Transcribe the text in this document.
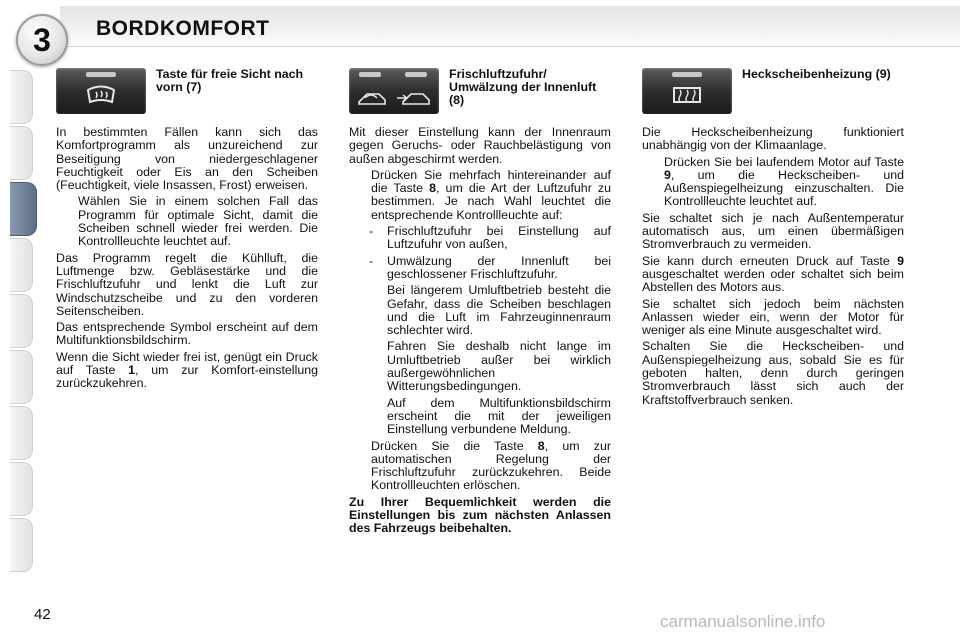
3	BORDKOMFORT
Taste für freie Sicht nach vorn (7)

In bestimmten Fällen kann sich das Komfortprogramm als unzureichend zur Beseitigung von niedergeschlagener Feuchtigkeit oder Eis an den Scheiben (Feuchtigkeit, viele Insassen, Frost) erweisen.

Wählen Sie in einem solchen Fall das Programm für optimale Sicht, damit die Scheiben schnell wieder frei werden. Die Kontrollleuchte leuchtet auf.

Das Programm regelt die Kühlluft, die Luftmenge bzw. Gebläsestärke und die Frischluftzufuhr und lenkt die Luft zur Windschutzscheibe und zu den vorderen Seitenscheiben.

Das entsprechende Symbol erscheint auf dem Multifunktionsbildschirm.

Wenn die Sicht wieder frei ist, genügt ein Druck auf Taste 1, um zur Komfort-einstellung zurückzukehren.

Frischluftzufuhr/ Umwälzung der Innenluft (8)

Mit dieser Einstellung kann der Innenraum gegen Geruchs- oder Rauchbelästigung von außen abgeschirmt werden.

Drücken Sie mehrfach hintereinander auf die Taste 8, um die Art der Luftzufuhr zu bestimmen. Je nach Wahl leuchtet die entsprechende Kontrollleuchte auf:
- Frischluftzufuhr bei Einstellung auf Luftzufuhr von außen,
- Umwälzung der Innenluft bei geschlossener Frischluftzufuhr.

Bei längerem Umluftbetrieb besteht die Gefahr, dass die Scheiben beschlagen und die Luft im Fahrzeuginnenraum schlechter wird.

Fahren Sie deshalb nicht lange im Umluftbetrieb außer bei wirklich außergewöhnlichen Witterungsbedingungen.

Auf dem Multifunktionsbildschirm erscheint die mit der jeweiligen Einstellung verbundene Meldung.

Drücken Sie die Taste 8, um zur automatischen Regelung der Frischluftzufuhr zurückzukehren. Beide Kontrollleuchten erlöschen.

Zu Ihrer Bequemlichkeit werden die Einstellungen bis zum nächsten Anlassen des Fahrzeugs beibehalten.

Heckscheibenheizung (9)

Die Heckscheibenheizung funktioniert unabhängig von der Klimaanlage.

Drücken Sie bei laufendem Motor auf Taste 9, um die Heckscheiben- und Außenspiegelheizung einzuschalten. Die Kontrollleuchte leuchtet auf.

Sie schaltet sich je nach Außentemperatur automatisch aus, um einen übermäßigen Stromverbrauch zu vermeiden.

Sie kann durch erneuten Druck auf Taste 9 ausgeschaltet werden oder schaltet sich beim Abstellen des Motors aus.

Sie schaltet sich jedoch beim nächsten Anlassen wieder ein, wenn der Motor für weniger als eine Minute ausgeschaltet wird.

Schalten Sie die Heckscheiben- und Außenspiegelheizung aus, sobald Sie es für geboten halten, denn durch geringen Stromverbrauch lässt sich auch der Kraftstoffverbrauch senken.

42	carmanualsonline.info
